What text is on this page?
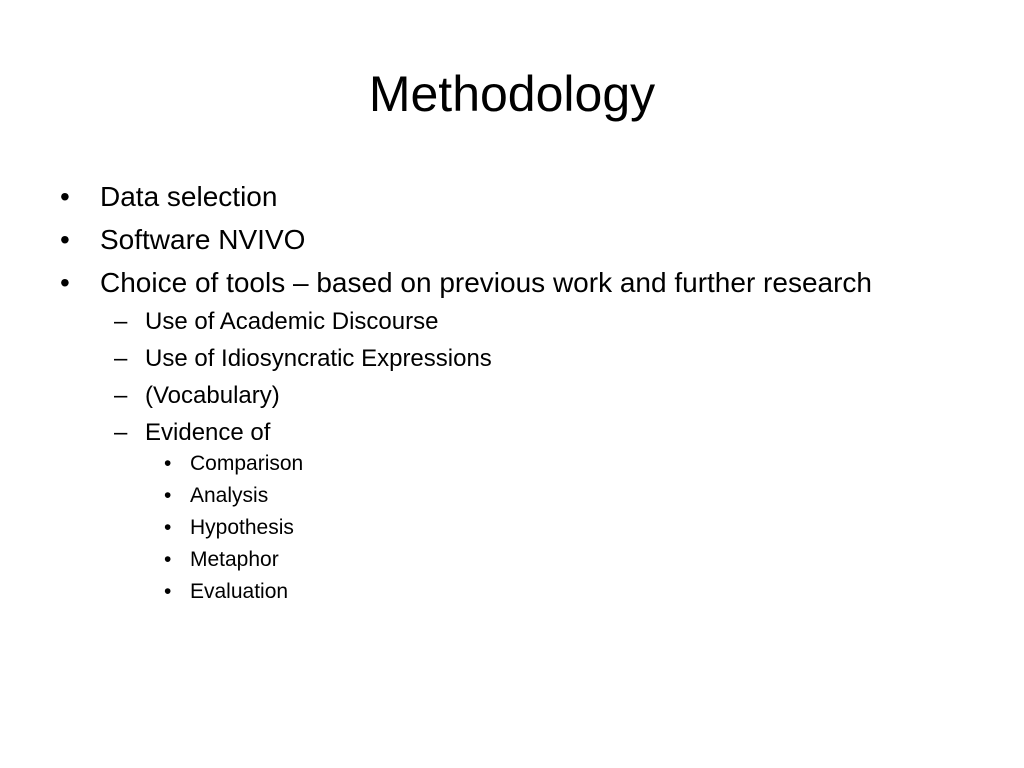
Methodology
• Data selection
• Software NVIVO
• Choice of tools – based on previous work and further research
– Use of Academic Discourse
– Use of Idiosyncratic Expressions
– (Vocabulary)
– Evidence of
• Comparison
• Analysis
• Hypothesis
• Metaphor
• Evaluation
